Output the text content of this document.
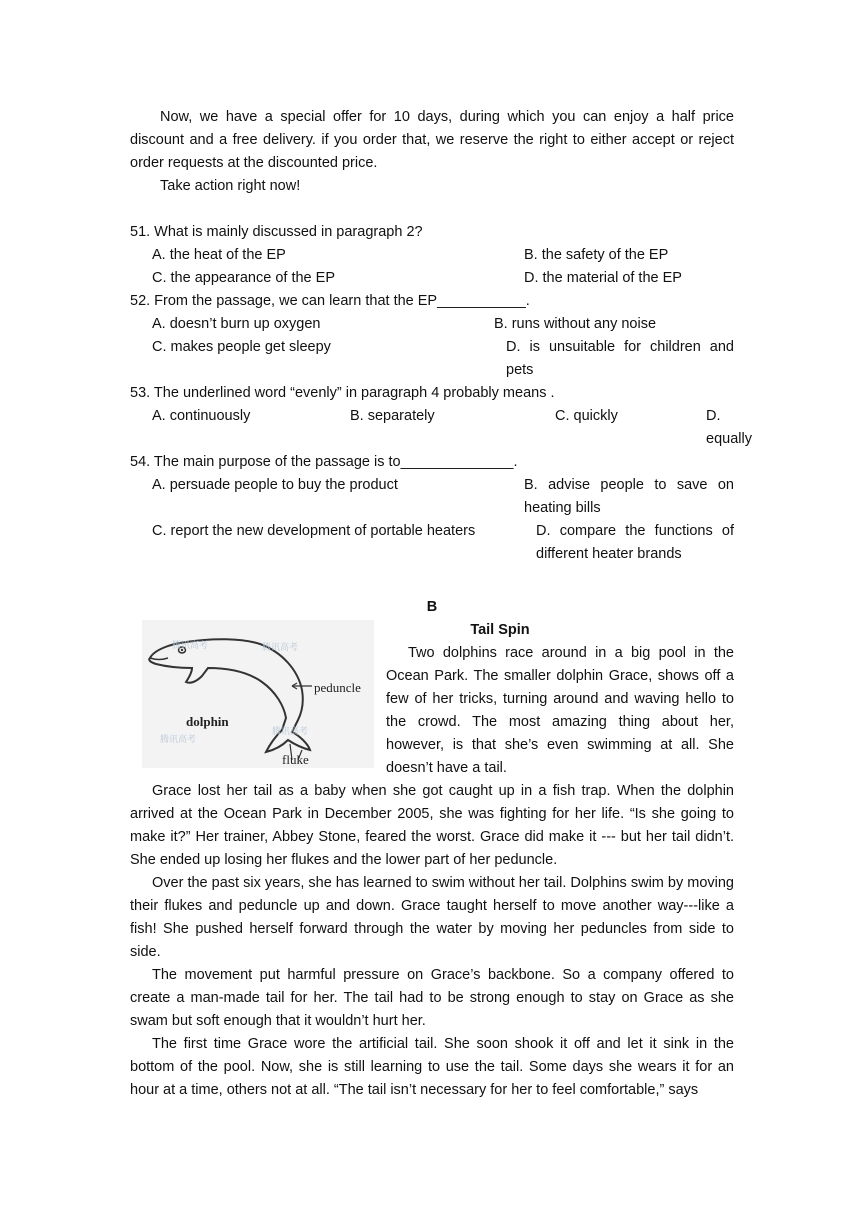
Now, we have a special offer for 10 days, during which you can enjoy a half price discount and a free delivery. if you order that, we reserve the right to either accept or reject order requests at the discounted price.

Take action right now!

51. What is mainly discussed in paragraph 2?

A. the heat of the EP	B. the safety of the EP
C. the appearance of the EP	D. the material of the EP

52. From the passage, we can learn that the EP___________.

A. doesn’t burn up oxygen	B. runs without any noise
C. makes people get sleepy	D. is unsuitable for children and pets

53. The underlined word “evenly” in paragraph 4 probably means .

A. continuously	B. separately	C. quickly	D. equally

54. The main purpose of the passage is to______________.

A. persuade people to buy the product	B. advise people to save on heating bills

C. report the new development of portable heaters	D. compare the functions of different heater brands

B

Tail Spin

peduncle
dolphin
fluke
腾讯高考	腾讯高考
腾讯高考
腾讯高考

Two dolphins race around in a big pool in the Ocean Park. The smaller dolphin Grace, shows off a few of her tricks, turning around and waving hello to the crowd. The most amazing thing about her, however, is that she’s even swimming at all. She doesn’t have a tail.

Grace lost her tail as a baby when she got caught up in a fish trap. When the dolphin arrived at the Ocean Park in December 2005, she was fighting for her life. “Is she going to make it?” Her trainer, Abbey Stone, feared the worst. Grace did make it --- but her tail didn’t. She ended up losing her flukes and the lower part of her peduncle.

Over the past six years, she has learned to swim without her tail. Dolphins swim by moving their flukes and peduncle up and down. Grace taught herself to move another way---like a fish! She pushed herself forward through the water by moving her peduncles from side to side.

The movement put harmful pressure on Grace’s backbone. So a company offered to create a man-made tail for her. The tail had to be strong enough to stay on Grace as she swam but soft enough that it wouldn’t hurt her.

The first time Grace wore the artificial tail. She soon shook it off and let it sink in the bottom of the pool. Now, she is still learning to use the tail. Some days she wears it for an hour at a time, others not at all. “The tail isn’t necessary for her to feel comfortable,” says
